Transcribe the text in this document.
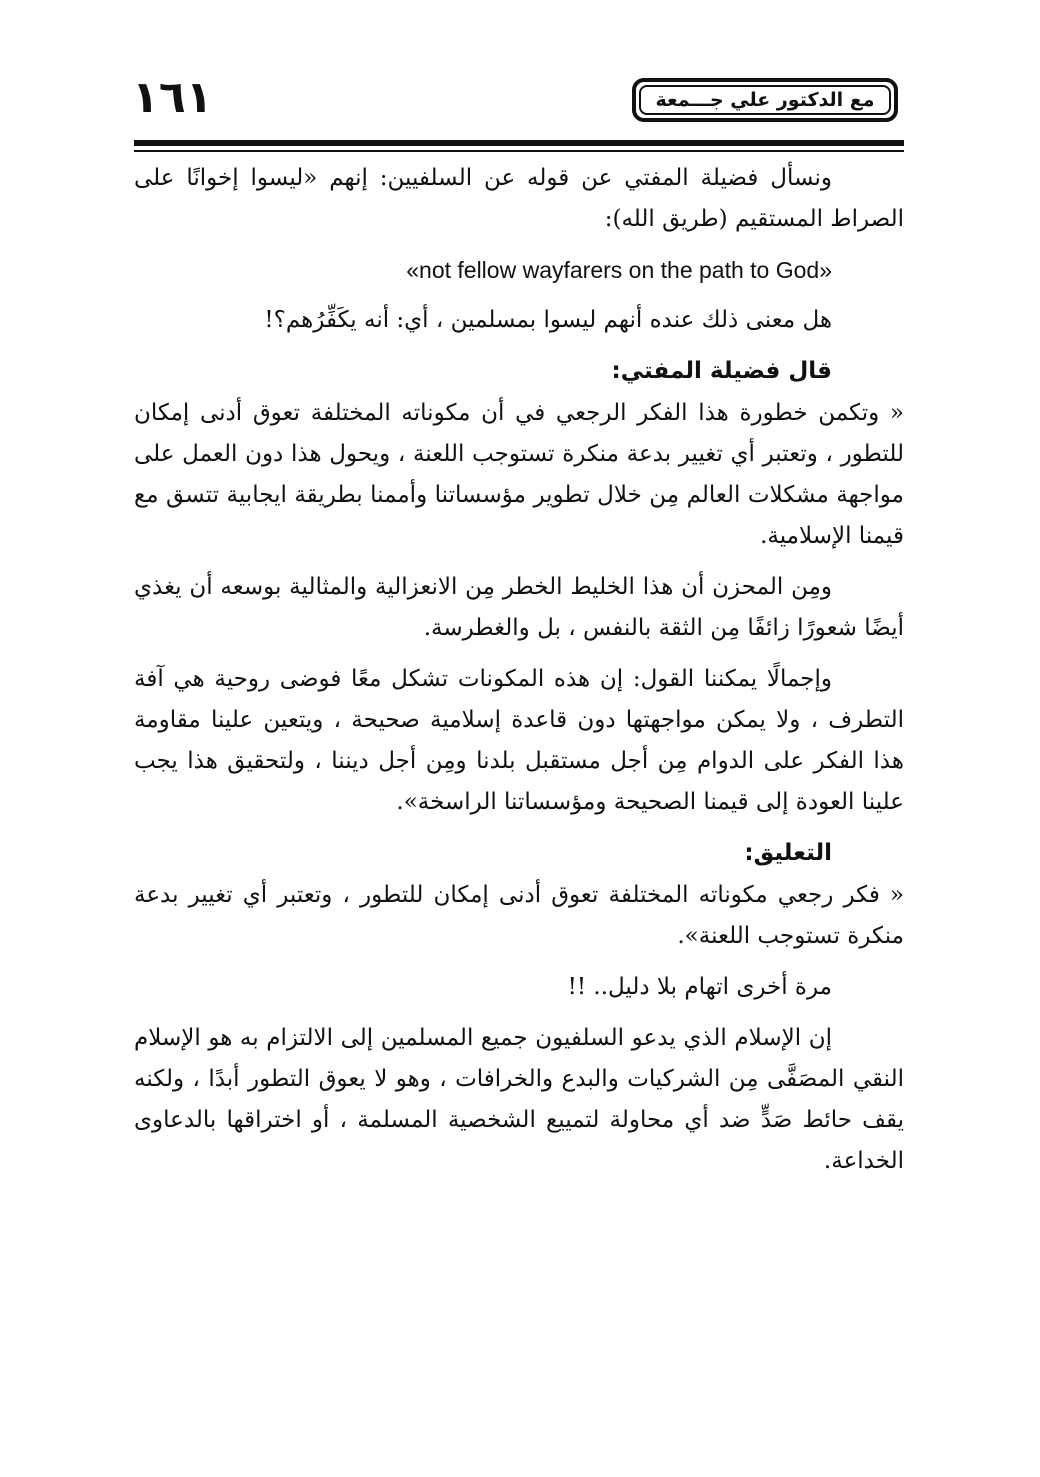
١٦١	مع الدكتور علي جـــمعة

ونسأل فضيلة المفتي عن قوله عن السلفيين: إنهم «ليسوا إخوانًا على الصراط المستقيم (طريق الله):

«not fellow wayfarers on the path to God»

هل معنى ذلك عنده أنهم ليسوا بمسلمين ، أي: أنه يكَفِّرُهم؟!

قال فضيلة المفتي:

« وتكمن خطورة هذا الفكر الرجعي في أن مكوناته المختلفة تعوق أدنى إمكان للتطور ، وتعتبر أي تغيير بدعة منكرة تستوجب اللعنة ، ويحول هذا دون العمل على مواجهة مشكلات العالم مِن خلال تطوير مؤسساتنا وأممنا بطريقة ايجابية تتسق مع قيمنا الإسلامية.

ومِن المحزن أن هذا الخليط الخطر مِن الانعزالية والمثالية بوسعه أن يغذي أيضًا شعورًا زائفًا مِن الثقة بالنفس ، بل والغطرسة.

وإجمالًا يمكننا القول: إن هذه المكونات تشكل معًا فوضى روحية هي آفة التطرف ، ولا يمكن مواجهتها دون قاعدة إسلامية صحيحة ، ويتعين علينا مقاومة هذا الفكر على الدوام مِن أجل مستقبل بلدنا ومِن أجل ديننا ، ولتحقيق هذا يجب علينا العودة إلى قيمنا الصحيحة ومؤسساتنا الراسخة».

التعليق:

« فكر رجعي مكوناته المختلفة تعوق أدنى إمكان للتطور ، وتعتبر أي تغيير بدعة منكرة تستوجب اللعنة».

مرة أخرى اتهام بلا دليل.. !!

إن الإسلام الذي يدعو السلفيون جميع المسلمين إلى الالتزام به هو الإسلام النقي المصَفَّى مِن الشركيات والبدع والخرافات ، وهو لا يعوق التطور أبدًا ، ولكنه يقف حائط صَدٍّ ضد أي محاولة لتمييع الشخصية المسلمة ، أو اختراقها بالدعاوى الخداعة.
